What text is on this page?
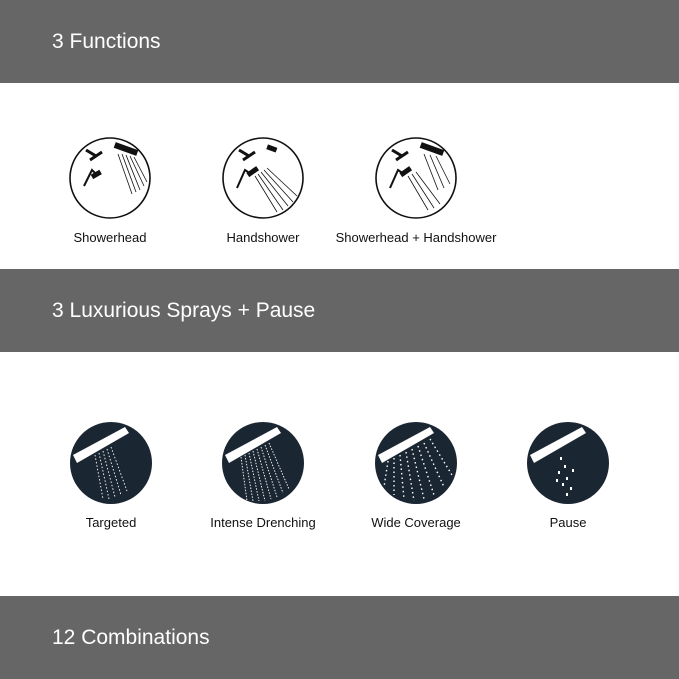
3 Functions
3 Luxurious Sprays + Pause
12 Combinations
Showerhead	Handshower	Showerhead + Handshower
Targeted	Intense Drenching	Wide Coverage	Pause
